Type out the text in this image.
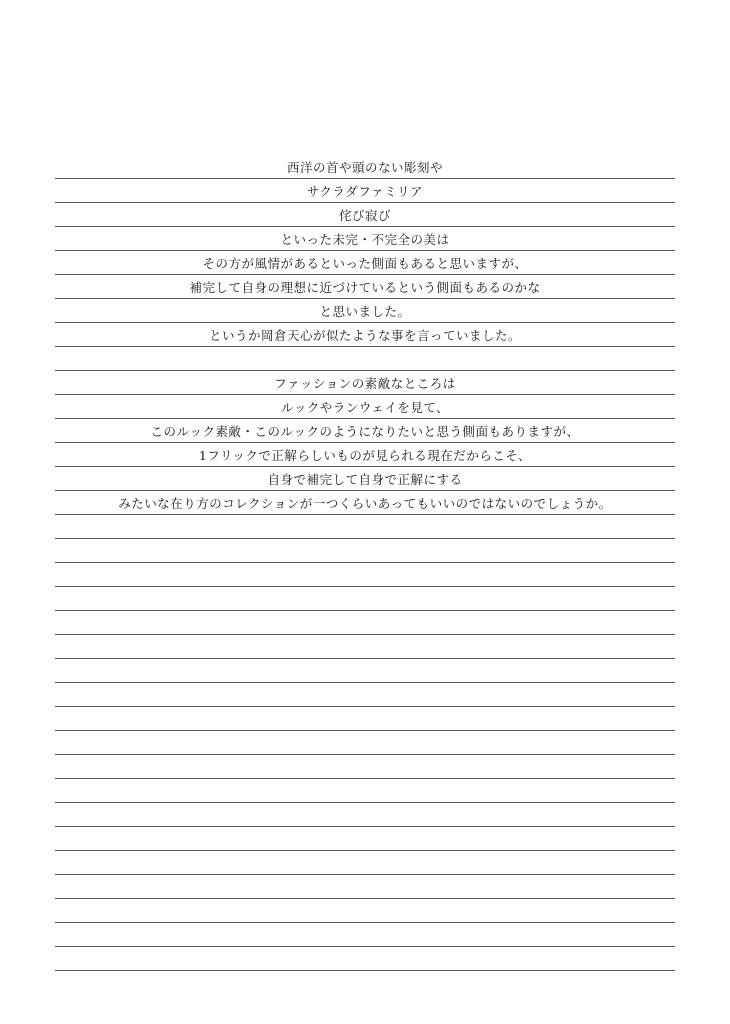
西洋の首や頭のない彫刻や
サクラダファミリア
侘び寂び
といった未完・不完全の美は
その方が風情があるといった側面もあると思いますが、
補完して自身の理想に近づけているという側面もあるのかな
と思いました。
というか岡倉天心が似たような事を言っていました。
ファッションの素敵なところは
ルックやランウェイを見て、
このルック素敵・このルックのようになりたいと思う側面もありますが、
1フリックで正解らしいものが見られる現在だからこそ、
自身で補完して自身で正解にする
みたいな在り方のコレクションが一つくらいあってもいいのではないのでしょうか。
